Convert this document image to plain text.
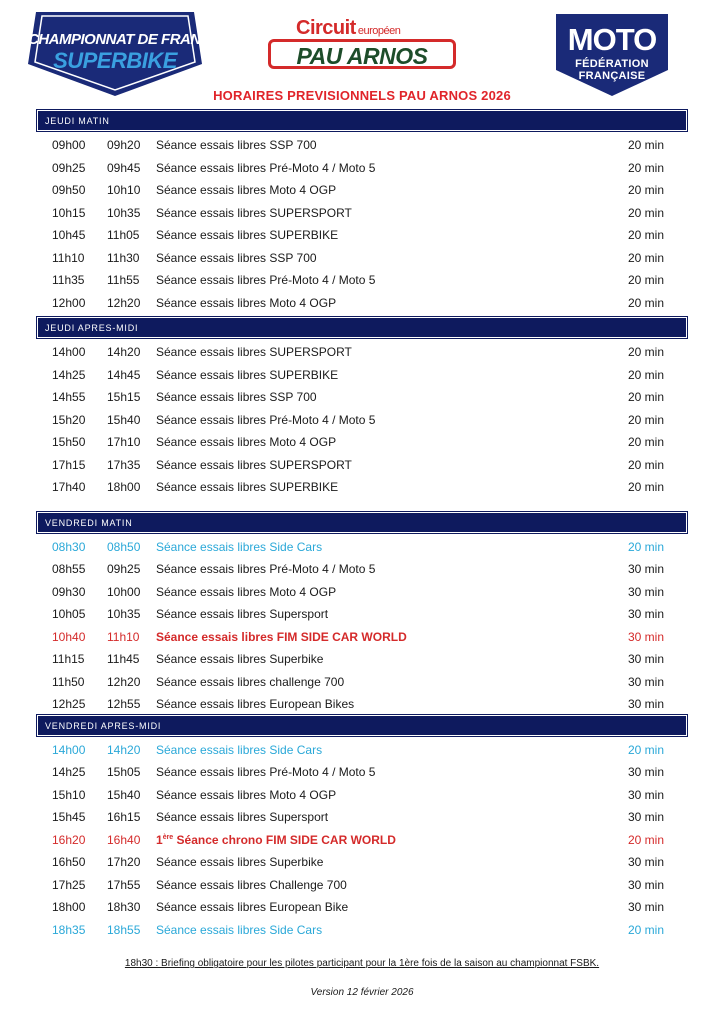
CHAMPIONNAT DE FRANCE
SUPERBIKE
Circuit européen
PAU ARNOS	MOTO
FÉDÉRATION
FRANÇAISE
HORAIRES PREVISIONNELS PAU ARNOS 2026
JEUDI MATIN
09h00 09h20 Séance essais libres SSP 700	20 min
09h25 09h45 Séance essais libres Pré-Moto 4 / Moto 5	20 min
09h50 10h10 Séance essais libres Moto 4 OGP	20 min
10h15 10h35 Séance essais libres SUPERSPORT	20 min
10h45 11h05 Séance essais libres SUPERBIKE	20 min
11h10 11h30 Séance essais libres SSP 700	20 min
11h35 11h55 Séance essais libres Pré-Moto 4 / Moto 5	20 min
12h00 12h20 Séance essais libres Moto 4 OGP	20 min
JEUDI APRES-MIDI
14h00 14h20 Séance essais libres SUPERSPORT	20 min
14h25 14h45 Séance essais libres SUPERBIKE	20 min
14h55 15h15 Séance essais libres SSP 700	20 min
15h20 15h40 Séance essais libres Pré-Moto 4 / Moto 5	20 min
15h50 17h10 Séance essais libres Moto 4 OGP	20 min
17h15 17h35 Séance essais libres SUPERSPORT	20 min
17h40 18h00 Séance essais libres SUPERBIKE	20 min
VENDREDI MATIN
08h30 08h50 Séance essais libres Side Cars	20 min
08h55 09h25 Séance essais libres Pré-Moto 4 / Moto 5	30 min
09h30 10h00 Séance essais libres Moto 4 OGP	30 min
10h05 10h35 Séance essais libres Supersport	30 min
10h40 11h10 Séance essais libres FIM SIDE CAR WORLD	30 min
11h15 11h45 Séance essais libres Superbike	30 min
11h50 12h20 Séance essais libres challenge 700	30 min
12h25 12h55 Séance essais libres European Bikes	30 min
VENDREDI APRES-MIDI
14h00 14h20 Séance essais libres Side Cars	20 min
14h25 15h05 Séance essais libres Pré-Moto 4 / Moto 5	30 min
15h10 15h40 Séance essais libres Moto 4 OGP	30 min
15h45 16h15 Séance essais libres Supersport	30 min
16h20 16h40 1ère Séance chrono FIM SIDE CAR WORLD	20 min
16h50 17h20 Séance essais libres Superbike	30 min
17h25 17h55 Séance essais libres Challenge 700	30 min
18h00 18h30 Séance essais libres European Bike	30 min
18h35 18h55 Séance essais libres Side Cars	20 min
18h30 : Briefing obligatoire pour les pilotes participant pour la 1ère fois de la saison au championnat FSBK.
Version 12 février 2026
